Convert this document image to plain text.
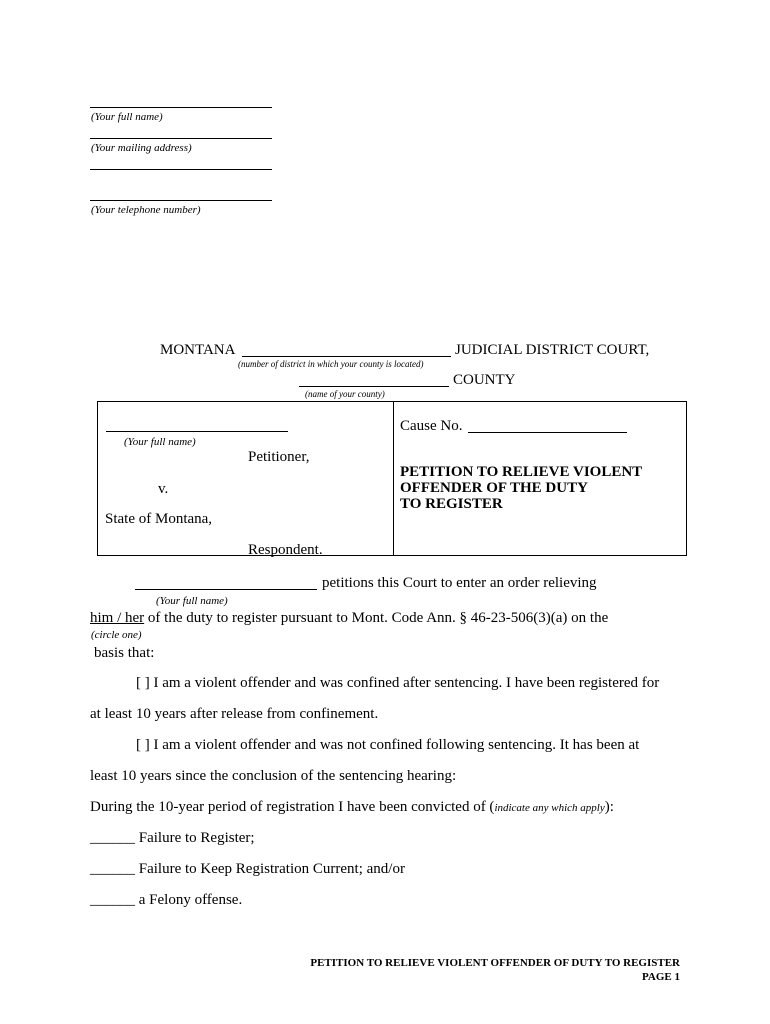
(Your full name)
(Your mailing address)
(Your telephone number)
MONTANA	JUDICIAL DISTRICT COURT,
(number of district in which your county is located)
COUNTY
(name of your county)
(Your full name)
Petitioner,
v.
State of Montana,
Respondent.
Cause No.
PETITION TO RELIEVE VIOLENT
OFFENDER OF THE DUTY
TO REGISTER
petitions this Court to enter an order relieving
(Your full name)
him / her of the duty to register pursuant to Mont. Code Ann. § 46-23-506(3)(a) on the
(circle one)
basis that:
[ ] I am a violent offender and was confined after sentencing. I have been registered for
at least 10 years after release from confinement.
[ ] I am a violent offender and was not confined following sentencing. It has been at
least 10 years since the conclusion of the sentencing hearing:
During the 10-year period of registration I have been convicted of (indicate any which apply):
______ Failure to Register;
______ Failure to Keep Registration Current; and/or
______ a Felony offense.
PETITION TO RELIEVE VIOLENT OFFENDER OF DUTY TO REGISTER
PAGE 1
